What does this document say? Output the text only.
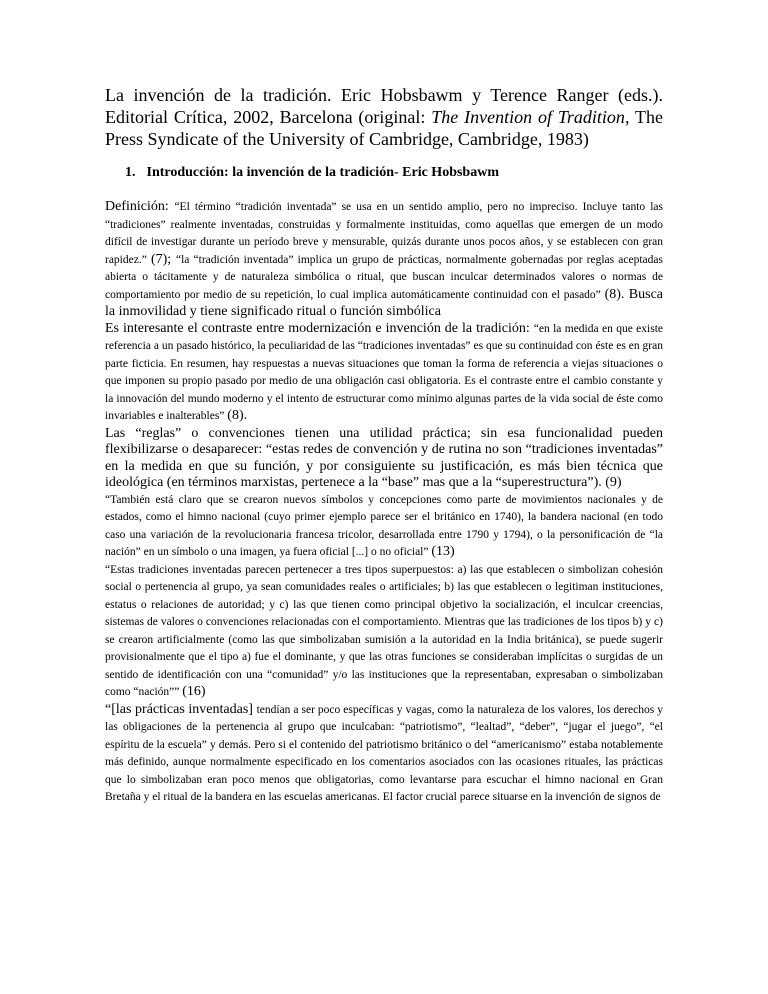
La invención de la tradición. Eric Hobsbawm y Terence Ranger (eds.). Editorial Crítica, 2002, Barcelona (original: The Invention of Tradition, The Press Syndicate of the University of Cambridge, Cambridge, 1983)

1. Introducción: la invención de la tradición- Eric Hobsbawm

Definición: “El término “tradición inventada” se usa en un sentido amplio, pero no impreciso. Incluye tanto las “tradiciones” realmente inventadas, construidas y formalmente instituidas, como aquellas que emergen de un modo difícil de investigar durante un período breve y mensurable, quizás durante unos pocos años, y se establecen con gran rapidez.” (7); “la “tradición inventada” implica un grupo de prácticas, normalmente gobernadas por reglas aceptadas abierta o tácitamente y de naturaleza simbólica o ritual, que buscan inculcar determinados valores o normas de comportamiento por medio de su repetición, lo cual implica automáticamente continuidad con el pasado” (8). Busca la inmovilidad y tiene significado ritual o función simbólica

Es interesante el contraste entre modernización e invención de la tradición: “en la medida en que existe referencia a un pasado histórico, la peculiaridad de las “tradiciones inventadas” es que su continuidad con éste es en gran parte ficticia. En resumen, hay respuestas a nuevas situaciones que toman la forma de referencia a viejas situaciones o que imponen su propio pasado por medio de una obligación casi obligatoria. Es el contraste entre el cambio constante y la innovación del mundo moderno y el intento de estructurar como mínimo algunas partes de la vida social de éste como invariables e inalterables” (8).

Las “reglas” o convenciones tienen una utilidad práctica; sin esa funcionalidad pueden flexibilizarse o desaparecer: “estas redes de convención y de rutina no son “tradiciones inventadas” en la medida en que su función, y por consiguiente su justificación, es más bien técnica que ideológica (en términos marxistas, pertenece a la “base” mas que a la “superestructura”). (9)

“También está claro que se crearon nuevos símbolos y concepciones como parte de movimientos nacionales y de estados, como el himno nacional (cuyo primer ejemplo parece ser el británico en 1740), la bandera nacional (en todo caso una variación de la revolucionaria francesa tricolor, desarrollada entre 1790 y 1794), o la personificación de “la nación” en un símbolo o una imagen, ya fuera oficial [...] o no oficial” (13)

“Estas tradiciones inventadas parecen pertenecer a tres tipos superpuestos: a) las que establecen o simbolizan cohesión social o pertenencia al grupo, ya sean comunidades reales o artificiales; b) las que establecen o legitiman instituciones, estatus o relaciones de autoridad; y c) las que tienen como principal objetivo la socialización, el inculcar creencias, sistemas de valores o convenciones relacionadas con el comportamiento. Mientras que las tradiciones de los tipos b) y c) se crearon artificialmente (como las que simbolizaban sumisión a la autoridad en la India británica), se puede sugerir provisionalmente que el tipo a) fue el dominante, y que las otras funciones se consideraban implícitas o surgidas de un sentido de identificación con una “comunidad” y/o las instituciones que la representaban, expresaban o simbolizaban como “nación”” (16)

“[las prácticas inventadas] tendían a ser poco específicas y vagas, como la naturaleza de los valores, los derechos y las obligaciones de la pertenencia al grupo que inculcaban: “patriotismo”, “lealtad”, “deber”, “jugar el juego”, “el espíritu de la escuela” y demás. Pero si el contenido del patriotismo británico o del “americanismo” estaba notablemente más definido, aunque normalmente especificado en los comentarios asociados con las ocasiones rituales, las prácticas que lo simbolizaban eran poco menos que obligatorias, como levantarse para escuchar el himno nacional en Gran Bretaña y el ritual de la bandera en las escuelas americanas. El factor crucial parece situarse en la invención de signos de
